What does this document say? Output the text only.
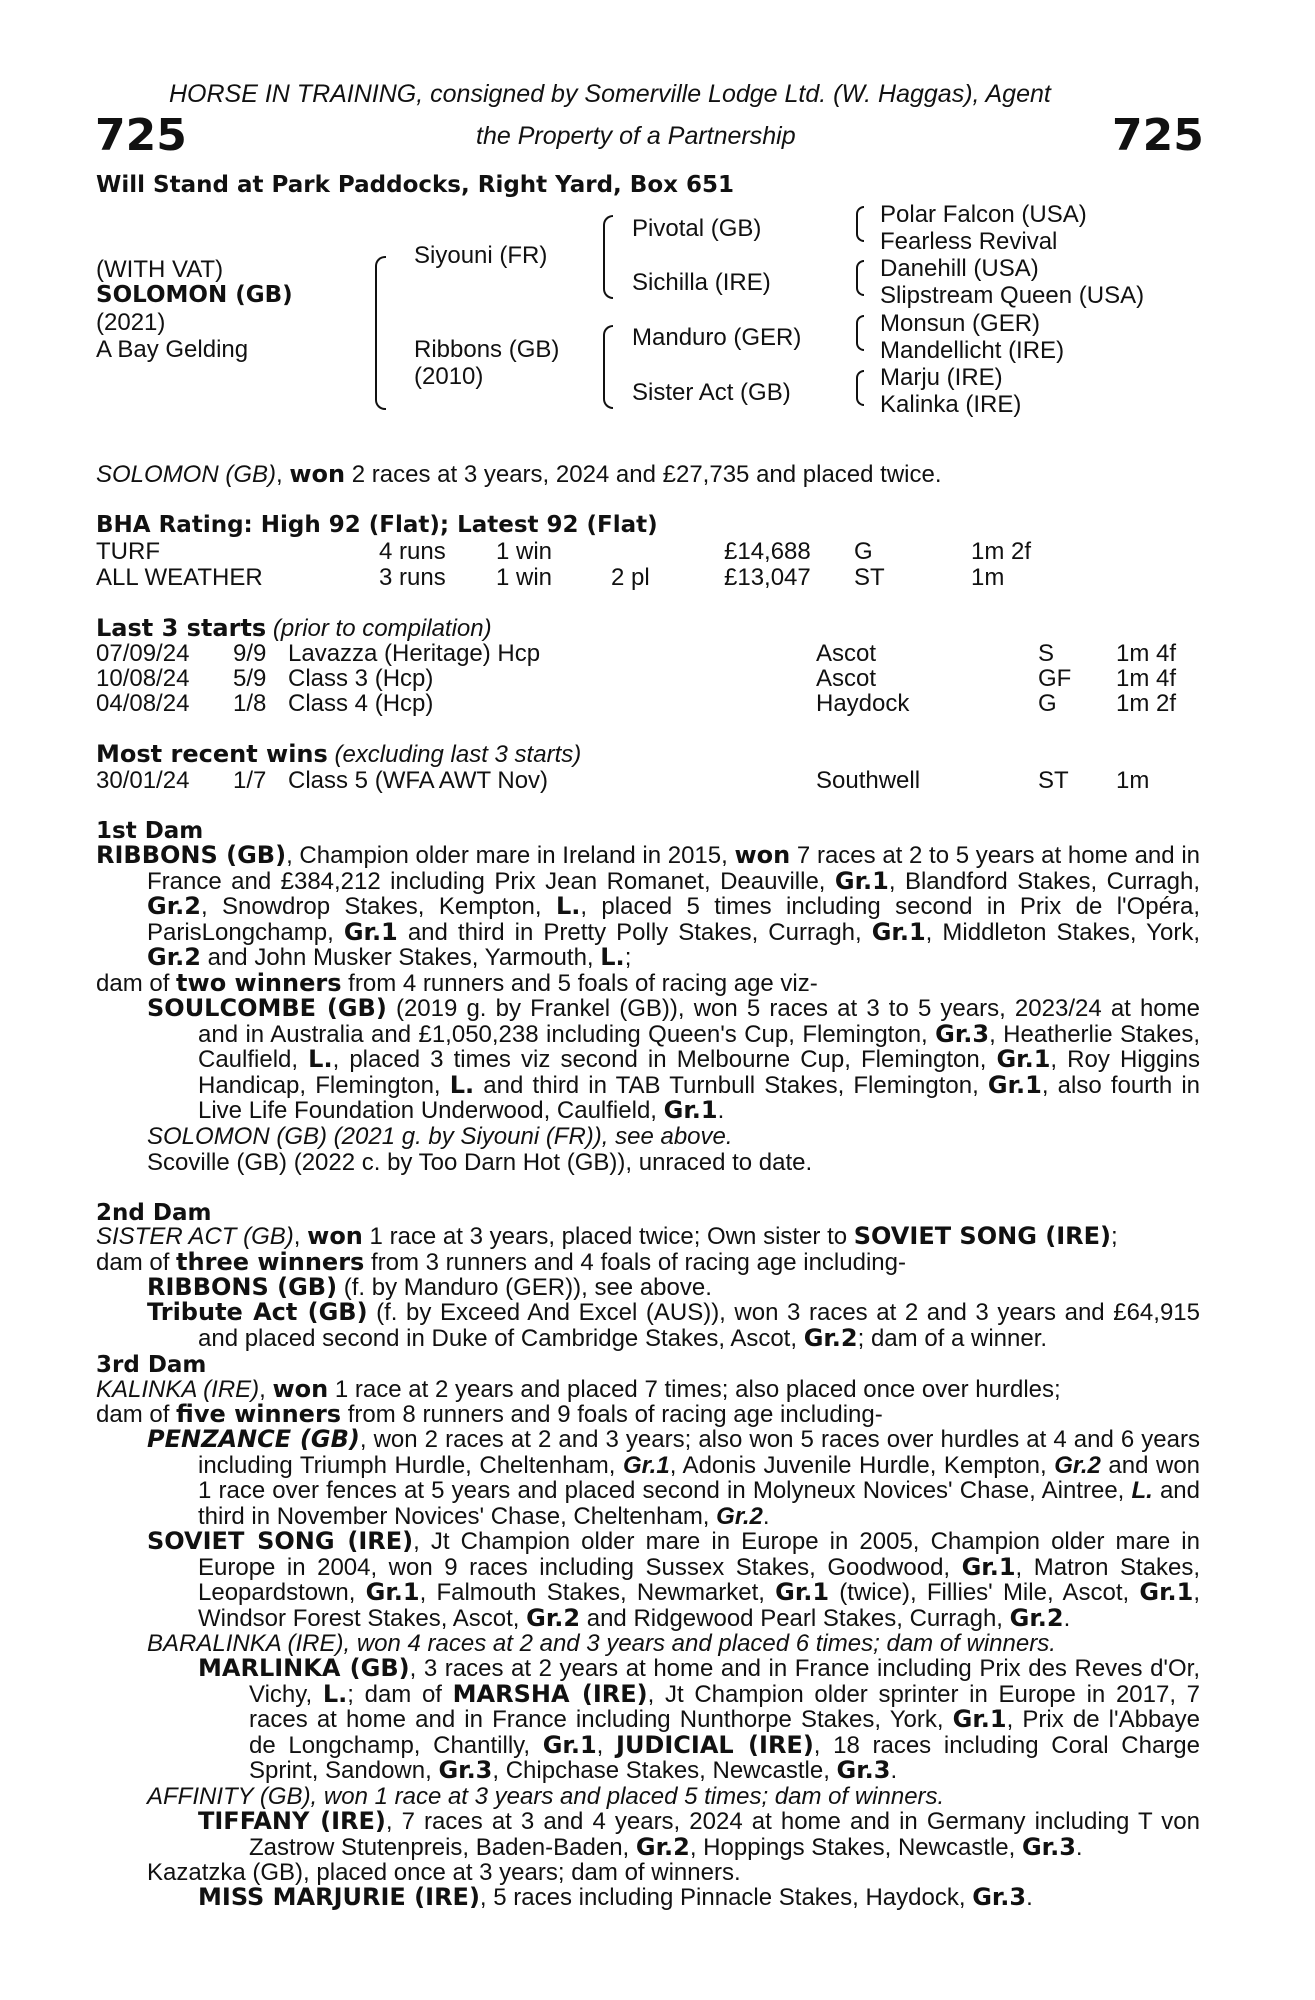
HORSE IN TRAINING, consigned by Somerville Lodge Ltd. (W. Haggas), Agent
725	the Property of a Partnership	725
Will Stand at Park Paddocks, Right Yard, Box 651
(WITH VAT)
SOLOMON (GB)
(2021)
A Bay Gelding
Siyouni (FR)
Ribbons (GB)
(2010)
Pivotal (GB)
Sichilla (IRE)
Manduro (GER)
Sister Act (GB)
Polar Falcon (USA)
Fearless Revival
Danehill (USA)
Slipstream Queen (USA)
Monsun (GER)
Mandellicht (IRE)
Marju (IRE)
Kalinka (IRE)
SOLOMON (GB), won 2 races at 3 years, 2024 and £27,735 and placed twice.
BHA Rating: High 92 (Flat); Latest 92 (Flat)
TURF	4 runs 1 win	£14,688 G	1m 2f
ALL WEATHER	3 runs 1 win 2 pl	£13,047 ST	1m
Last 3 starts (prior to compilation)
07/09/24 9/9 Lavazza (Heritage) Hcp	Ascot	S	1m 4f
10/08/24 5/9 Class 3 (Hcp)	Ascot	GF 1m 4f
04/08/24 1/8 Class 4 (Hcp)	Haydock	G 1m 2f
Most recent wins (excluding last 3 starts)
30/01/24 1/7 Class 5 (WFA AWT Nov)	Southwell	ST 1m
1st Dam
RIBBONS (GB), Champion older mare in Ireland in 2015, won 7 races at 2 to 5 years at home and in France and £384,212 including Prix Jean Romanet, Deauville, Gr.1, Blandford Stakes, Curragh, Gr.2, Snowdrop Stakes, Kempton, L., placed 5 times including second in Prix de l'Opéra, ParisLongchamp, Gr.1 and third in Pretty Polly Stakes, Curragh, Gr.1, Middleton Stakes, York, Gr.2 and John Musker Stakes, Yarmouth, L.;
dam of two winners from 4 runners and 5 foals of racing age viz-
SOULCOMBE (GB) (2019 g. by Frankel (GB)), won 5 races at 3 to 5 years, 2023/24 at home and in Australia and £1,050,238 including Queen's Cup, Flemington, Gr.3, Heatherlie Stakes, Caulfield, L., placed 3 times viz second in Melbourne Cup, Flemington, Gr.1, Roy Higgins Handicap, Flemington, L. and third in TAB Turnbull Stakes, Flemington, Gr.1, also fourth in Live Life Foundation Underwood, Caulfield, Gr.1.
SOLOMON (GB) (2021 g. by Siyouni (FR)), see above.
Scoville (GB) (2022 c. by Too Darn Hot (GB)), unraced to date.
2nd Dam
SISTER ACT (GB), won 1 race at 3 years, placed twice; Own sister to SOVIET SONG (IRE);
dam of three winners from 3 runners and 4 foals of racing age including-
RIBBONS (GB) (f. by Manduro (GER)), see above.
Tribute Act (GB) (f. by Exceed And Excel (AUS)), won 3 races at 2 and 3 years and £64,915 and placed second in Duke of Cambridge Stakes, Ascot, Gr.2; dam of a winner.
3rd Dam
KALINKA (IRE), won 1 race at 2 years and placed 7 times; also placed once over hurdles;
dam of five winners from 8 runners and 9 foals of racing age including-
PENZANCE (GB), won 2 races at 2 and 3 years; also won 5 races over hurdles at 4 and 6 years including Triumph Hurdle, Cheltenham, Gr.1, Adonis Juvenile Hurdle, Kempton, Gr.2 and won 1 race over fences at 5 years and placed second in Molyneux Novices' Chase, Aintree, L. and third in November Novices' Chase, Cheltenham, Gr.2.
SOVIET SONG (IRE), Jt Champion older mare in Europe in 2005, Champion older mare in Europe in 2004, won 9 races including Sussex Stakes, Goodwood, Gr.1, Matron Stakes, Leopardstown, Gr.1, Falmouth Stakes, Newmarket, Gr.1 (twice), Fillies' Mile, Ascot, Gr.1, Windsor Forest Stakes, Ascot, Gr.2 and Ridgewood Pearl Stakes, Curragh, Gr.2.
BARALINKA (IRE), won 4 races at 2 and 3 years and placed 6 times; dam of winners.
MARLINKA (GB), 3 races at 2 years at home and in France including Prix des Reves d'Or, Vichy, L.; dam of MARSHA (IRE), Jt Champion older sprinter in Europe in 2017, 7 races at home and in France including Nunthorpe Stakes, York, Gr.1, Prix de l'Abbaye de Longchamp, Chantilly, Gr.1, JUDICIAL (IRE), 18 races including Coral Charge Sprint, Sandown, Gr.3, Chipchase Stakes, Newcastle, Gr.3.
AFFINITY (GB), won 1 race at 3 years and placed 5 times; dam of winners.
TIFFANY (IRE), 7 races at 3 and 4 years, 2024 at home and in Germany including T von Zastrow Stutenpreis, Baden-Baden, Gr.2, Hoppings Stakes, Newcastle, Gr.3.
Kazatzka (GB), placed once at 3 years; dam of winners.
MISS MARJURIE (IRE), 5 races including Pinnacle Stakes, Haydock, Gr.3.
